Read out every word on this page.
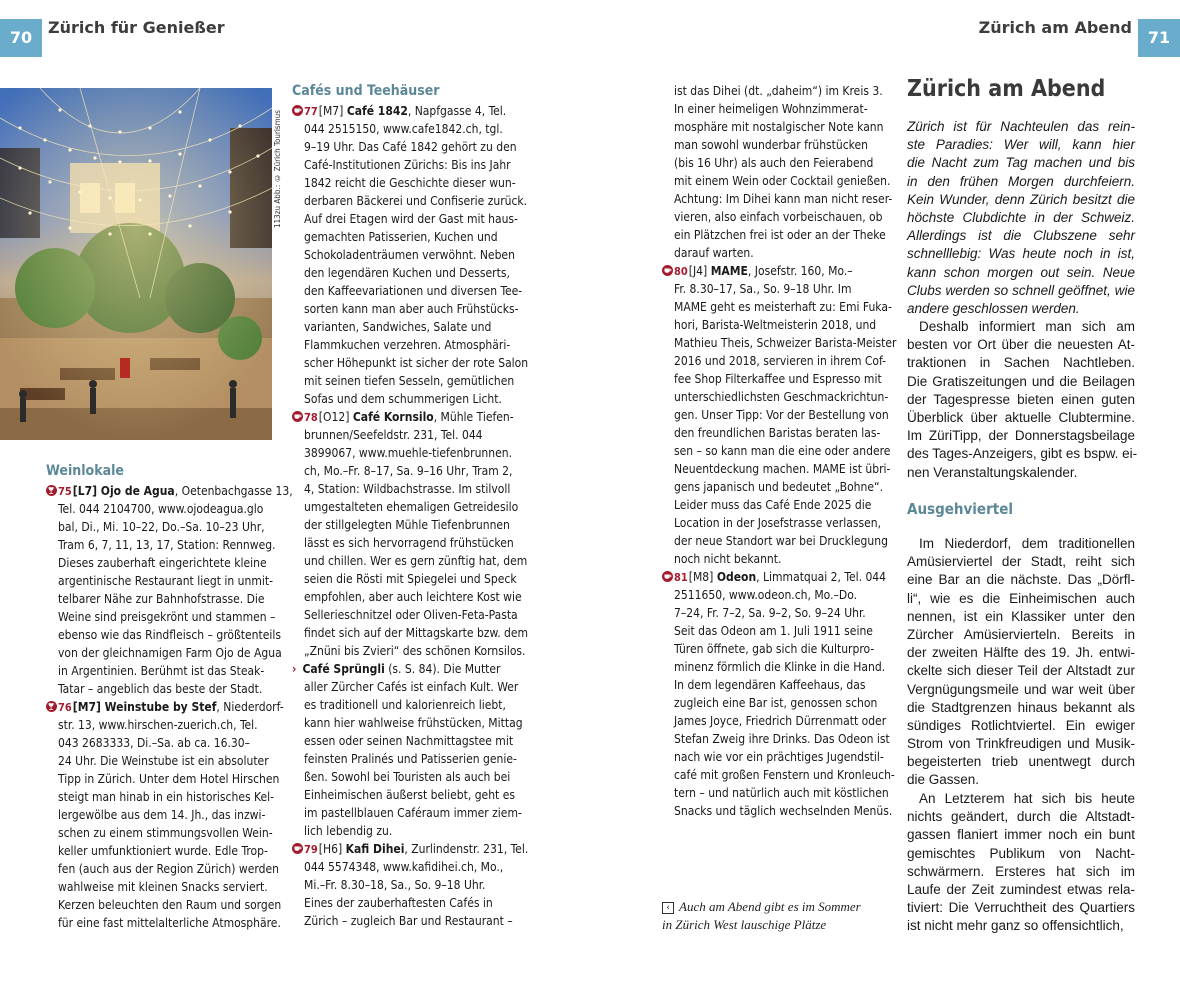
70
Zürich für Genießer	Zürich am Abend
71
113zu Abb.: © Zürich Tourismus
Weinlokale
75[L7] Ojo de Agua, Oetenbachgasse 13,
Tel. 044 2104700, www.ojodeagua.glo
bal, Di., Mi. 10–22, Do.–Sa. 10–23 Uhr,
Tram 6, 7, 11, 13, 17, Station: Rennweg.
Dieses zauberhaft eingerichtete kleine
argentinische Restaurant liegt in unmit-
telbarer Nähe zur Bahnhofstrasse. Die
Weine sind preisgekrönt und stammen –
ebenso wie das Rindfleisch – größtenteils
von der gleichnamigen Farm Ojo de Agua
in Argentinien. Berühmt ist das Steak-
Tatar – angeblich das beste der Stadt.
76[M7] Weinstube by Stef, Niederdorf-
str. 13, www.hirschen-zuerich.ch, Tel.
043 2683333, Di.–Sa. ab ca. 16.30–
24 Uhr. Die Weinstube ist ein absoluter
Tipp in Zürich. Unter dem Hotel Hirschen
steigt man hinab in ein historisches Kel-
lergewölbe aus dem 14. Jh., das inzwi-
schen zu einem stimmungsvollen Wein-
keller umfunktioniert wurde. Edle Trop-
fen (auch aus der Region Zürich) werden
wahlweise mit kleinen Snacks serviert.
Kerzen beleuchten den Raum und sorgen
für eine fast mittelalterliche Atmosphäre.
Cafés und Teehäuser
77[M7] Café 1842, Napfgasse 4, Tel.
044 2515150, www.cafe1842.ch, tgl.
9–19 Uhr. Das Café 1842 gehört zu den
Café-Institutionen Zürichs: Bis ins Jahr
1842 reicht die Geschichte dieser wun-
derbaren Bäckerei und Confiserie zurück.
Auf drei Etagen wird der Gast mit haus-
gemachten Patisserien, Kuchen und
Schokoladenträumen verwöhnt. Neben
den legendären Kuchen und Desserts,
den Kaffeevariationen und diversen Tee-
sorten kann man aber auch Frühstücks-
varianten, Sandwiches, Salate und
Flammkuchen verzehren. Atmosphäri-
scher Höhepunkt ist sicher der rote Salon
mit seinen tiefen Sesseln, gemütlichen
Sofas und dem schummerigen Licht.
78[O12] Café Kornsilo, Mühle Tiefen-
brunnen/Seefeldstr. 231, Tel. 044
3899067, www.muehle-tiefenbrunnen.
ch, Mo.–Fr. 8–17, Sa. 9–16 Uhr, Tram 2,
4, Station: Wildbachstrasse. Im stilvoll
umgestalteten ehemaligen Getreidesilo
der stillgelegten Mühle Tiefenbrunnen
lässt es sich hervorragend frühstücken
und chillen. Wer es gern zünftig hat, dem
seien die Rösti mit Spiegelei und Speck
empfohlen, aber auch leichtere Kost wie
Sellerieschnitzel oder Oliven-Feta-Pasta
findet sich auf der Mittagskarte bzw. dem
„Znüni bis Zvieri“ des schönen Kornsilos.
› Café Sprüngli (s. S. 84). Die Mutter
aller Zürcher Cafés ist einfach Kult. Wer
es traditionell und kalorienreich liebt,
kann hier wahlweise frühstücken, Mittag
essen oder seinen Nachmittagstee mit
feinsten Pralinés und Patisserien genie-
ßen. Sowohl bei Touristen als auch bei
Einheimischen äußerst beliebt, geht es
im pastellblauen Caféraum immer ziem-
lich lebendig zu.
79[H6] Kafi Dihei, Zurlindenstr. 231, Tel.
044 5574348, www.kafidihei.ch, Mo.,
Mi.–Fr. 8.30–18, Sa., So. 9–18 Uhr.
Eines der zauberhaftesten Cafés in
Zürich – zugleich Bar und Restaurant –
ist das Dihei (dt. „daheim“) im Kreis 3.
In einer heimeligen Wohnzimmerat-
mosphäre mit nostalgischer Note kann
man sowohl wunderbar frühstücken
(bis 16 Uhr) als auch den Feierabend
mit einem Wein oder Cocktail genießen.
Achtung: Im Dihei kann man nicht reser-
vieren, also einfach vorbeischauen, ob
ein Plätzchen frei ist oder an der Theke
darauf warten.
80[J4] MAME, Josefstr. 160, Mo.–
Fr. 8.30–17, Sa., So. 9–18 Uhr. Im
MAME geht es meisterhaft zu: Emi Fuka-
hori, Barista-Weltmeisterin 2018, und
Mathieu Theis, Schweizer Barista-Meister
2016 und 2018, servieren in ihrem Cof-
fee Shop Filterkaffee und Espresso mit
unterschiedlichsten Geschmackrichtun-
gen. Unser Tipp: Vor der Bestellung von
den freundlichen Baristas beraten las-
sen – so kann man die eine oder andere
Neuentdeckung machen. MAME ist übri-
gens japanisch und bedeutet „Bohne“.
Leider muss das Café Ende 2025 die
Location in der Josefstrasse verlassen,
der neue Standort war bei Drucklegung
noch nicht bekannt.
81[M8] Odeon, Limmatquai 2, Tel. 044
2511650, www.odeon.ch, Mo.–Do.
7–24, Fr. 7–2, Sa. 9–2, So. 9–24 Uhr.
Seit das Odeon am 1. Juli 1911 seine
Türen öffnete, gab sich die Kulturpro-
minenz förmlich die Klinke in die Hand.
In dem legendären Kaffeehaus, das
zugleich eine Bar ist, genossen schon
James Joyce, Friedrich Dürrenmatt oder
Stefan Zweig ihre Drinks. Das Odeon ist
nach wie vor ein prächtiges Jugendstil-
café mit großen Fenstern und Kronleuch-
tern – und natürlich auch mit köstlichen
Snacks und täglich wechselnden Menüs.
‹ Auch am Abend gibt es im Sommer
in Zürich West lauschige Plätze
Zürich am Abend
Zürich ist für Nachteulen das rein-
ste Paradies: Wer will, kann hier
die Nacht zum Tag machen und bis
in den frühen Morgen durchfeiern.
Kein Wunder, denn Zürich besitzt die
höchste Clubdichte in der Schweiz.
Allerdings ist die Clubszene sehr
schnelllebig: Was heute noch in ist,
kann schon morgen out sein. Neue
Clubs werden so schnell geöffnet, wie
andere geschlossen werden.
Deshalb informiert man sich am
besten vor Ort über die neuesten At-
traktionen in Sachen Nachtleben.
Die Gratiszeitungen und die Beilagen
der Tagespresse bieten einen guten
Überblick über aktuelle Clubtermine.
Im ZüriTipp, der Donnerstagsbeilage
des Tages-Anzeigers, gibt es bspw. ei-
nen Veranstaltungskalender.
Ausgehviertel
Im Niederdorf, dem traditionellen
Amüsierviertel der Stadt, reiht sich
eine Bar an die nächste. Das „Dörfl-
li“, wie es die Einheimischen auch
nennen, ist ein Klassiker unter den
Zürcher Amüsiervierteln. Bereits in
der zweiten Hälfte des 19. Jh. entwi-
ckelte sich dieser Teil der Altstadt zur
Vergnügungsmeile und war weit über
die Stadtgrenzen hinaus bekannt als
sündiges Rotlichtviertel. Ein ewiger
Strom von Trinkfreudigen und Musik-
begeisterten trieb unentwegt durch
die Gassen.
An Letzterem hat sich bis heute
nichts geändert, durch die Altstadt-
gassen flaniert immer noch ein bunt
gemischtes Publikum von Nacht-
schwärmern. Ersteres hat sich im
Laufe der Zeit zumindest etwas rela-
tiviert: Die Verruchtheit des Quartiers
ist nicht mehr ganz so offensichtlich,
